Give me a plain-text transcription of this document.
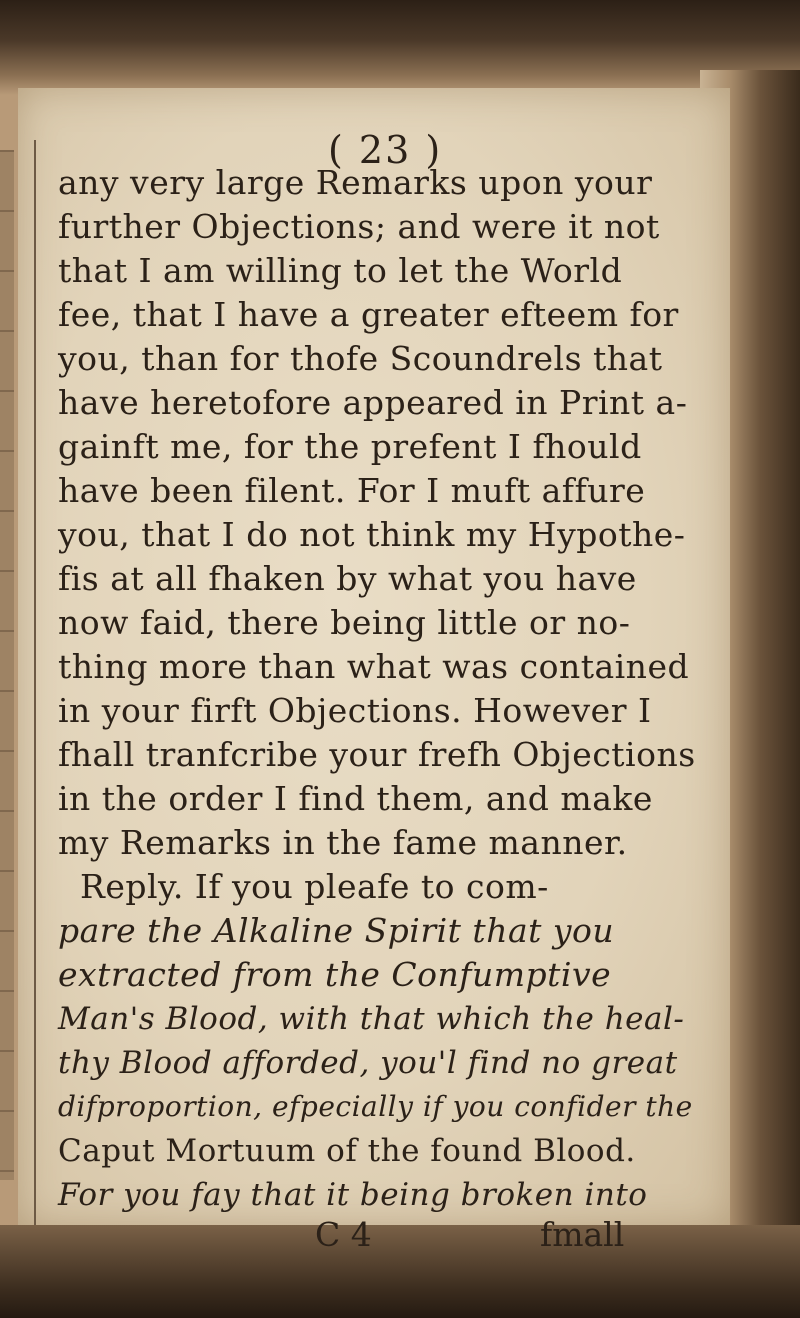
( 23 )
any very large Remarks upon your
further Objections; and were it not
that I am willing to let the World
fee, that I have a greater efteem for
you, than for thofe Scoundrels that
have heretofore appeared in Print a-
gainft me, for the prefent I fhould
have been filent. For I muft affure
you, that I do not think my Hypothe-
fis at all fhaken by what you have
now faid, there being little or no-
thing more than what was contained
in your firft Objections. However I
fhall tranfcribe your frefh Objections
in the order I find them, and make
my Remarks in the fame manner.
Reply. If you pleafe to com-
pare the Alkaline Spirit that you
extracted from the Confumptive
Man's Blood, with that which the heal-
thy Blood afforded, you'l find no great
difproportion, efpecially if you confider the
Caput Mortuum of the found Blood.
For you fay that it being broken into
C 4	fmall
